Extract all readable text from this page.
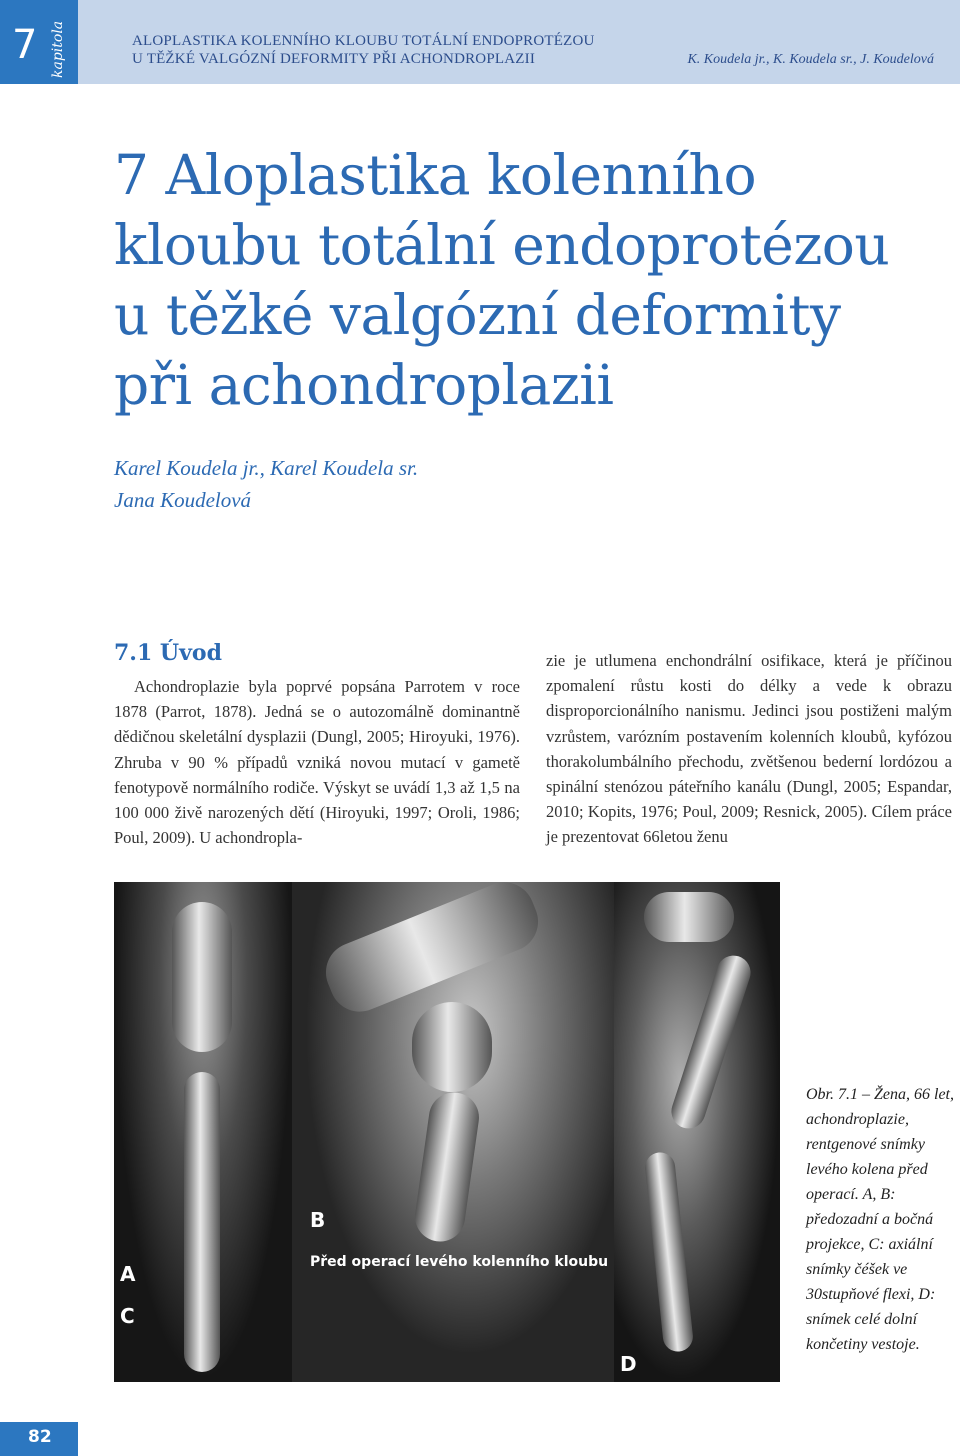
7 kapitola	ALOPLASTIKA KOLENNÍHO KLOUBU TOTÁLNÍ ENDOPROTÉZOU
U TĚŽKÉ VALGÓZNÍ DEFORMITY PŘI ACHONDROPLAZII	K. Koudela jr., K. Koudela sr., J. Koudelová
7 Aloplastika kolenního
kloubu totální endoprotézou
u těžké valgózní deformity
při achondroplazii
Karel Koudela jr., Karel Koudela sr.
Jana Koudelová
7.1 Úvod

Achondroplazie byla poprvé popsána Parrotem v roce 1878 (Parrot, 1878). Jedná se o autozomálně dominantně dědičnou skeletální dysplazii (Dungl, 2005; Hiroyuki, 1976). Zhruba v 90 % případů vzniká novou mutací v gametě fenotypově normálního rodiče. Výskyt se uvádí 1,3 až 1,5 na 100 000 živě narozených dětí (Hiroyuki, 1997; Oroli, 1986; Poul, 2009). U achondropla-

zie je utlumena enchondrální osifikace, která je příčinou zpomalení růstu kosti do délky a vede k obrazu disproporcionálního nanismu. Jedinci jsou postiženi malým vzrůstem, varózním postavením kolenních kloubů, kyfózou thorakolumbálního přechodu, zvětšenou bederní lordózou a spinální stenózou páteřního kanálu (Dungl, 2005; Espandar, 2010; Kopits, 1976; Poul, 2009; Resnick, 2005). Cílem práce je prezentovat 66letou ženu

A
B
C
D
Před operací levého kolenního kloubu
Obr. 7.1 – Žena, 66 let, achondroplazie, rentgenové snímky levého kolena před operací. A, B: předozadní a bočná projekce, C: axiální snímky čéšek ve 30stupňové flexi, D: snímek celé dolní končetiny vestoje.
82
